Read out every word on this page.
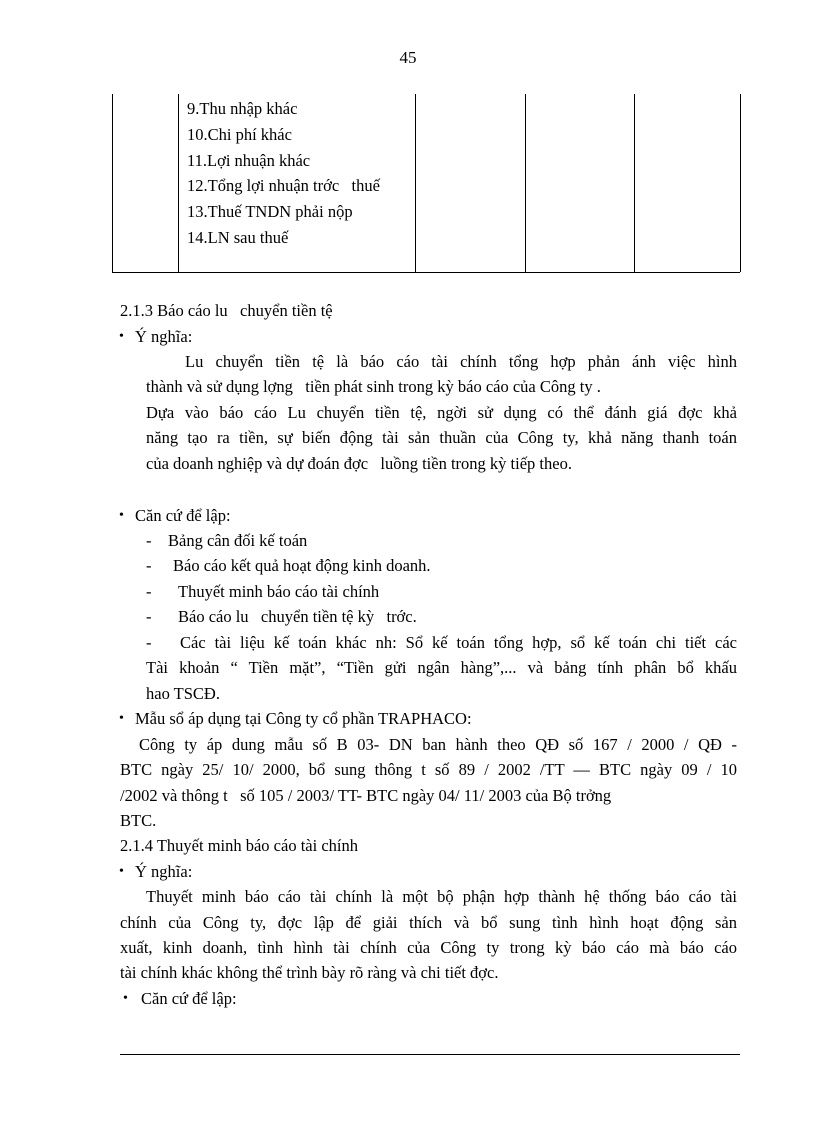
45
9.Thu nhập khác
10.Chi phí khác
11.Lợi nhuận khác
12.Tổng lợi nhuận trớc   thuế
13.Thuế TNDN phải nộp
14.LN sau thuế
2.1.3 Báo cáo lu   chuyển tiền tệ
• Ý nghĩa:
Lu chuyển tiền tệ là báo cáo tài chính tổng hợp phản ánh việc hình
thành và sử dụng lợng   tiền phát sinh trong kỳ báo cáo của Công ty .
Dựa vào báo cáo Lu chuyển tiền tệ, ngời sử dụng có thể đánh giá đợc khả
năng tạo ra tiền, sự biến động tài sản thuần của Công ty, khả năng thanh toán
của doanh nghiệp và dự đoán đợc   luồng tiền trong kỳ tiếp theo.
• Căn cứ để lập:
- Bảng cân đối kế toán
- Báo cáo kết quả hoạt động kinh doanh.
- Thuyết minh báo cáo tài chính
- Báo cáo lu   chuyển tiền tệ kỳ   trớc.
- Các tài liệu kế toán khác nh: Sổ kế toán tổng hợp, sổ kế toán chi tiết các
Tài khoản “ Tiền mặt”, “Tiền gửi ngân hàng”,... và bảng tính phân bổ khấu
hao TSCĐ.
• Mẫu sổ áp dụng tại Công ty cổ phần TRAPHACO:
Công ty áp dung mẫu số B 03- DN ban hành theo QĐ số 167 / 2000 / QĐ -
BTC ngày 25/ 10/ 2000, bổ sung thông t số 89 / 2002 /TT — BTC ngày 09 / 10
/2002 và thông t   số 105 / 2003/ TT- BTC ngày 04/ 11/ 2003 của Bộ trởng
BTC.
2.1.4 Thuyết minh báo cáo tài chính
• Ý nghĩa:
Thuyết minh báo cáo tài chính là một bộ phận hợp thành hệ thống báo cáo tài
chính của Công ty, đợc lập để giải thích và bổ sung tình hình hoạt động sản
xuất, kinh doanh, tình hình tài chính của Công ty trong kỳ báo cáo mà báo cáo
tài chính khác không thể trình bày rõ ràng và chi tiết đợc.
• Căn cứ để lập:
